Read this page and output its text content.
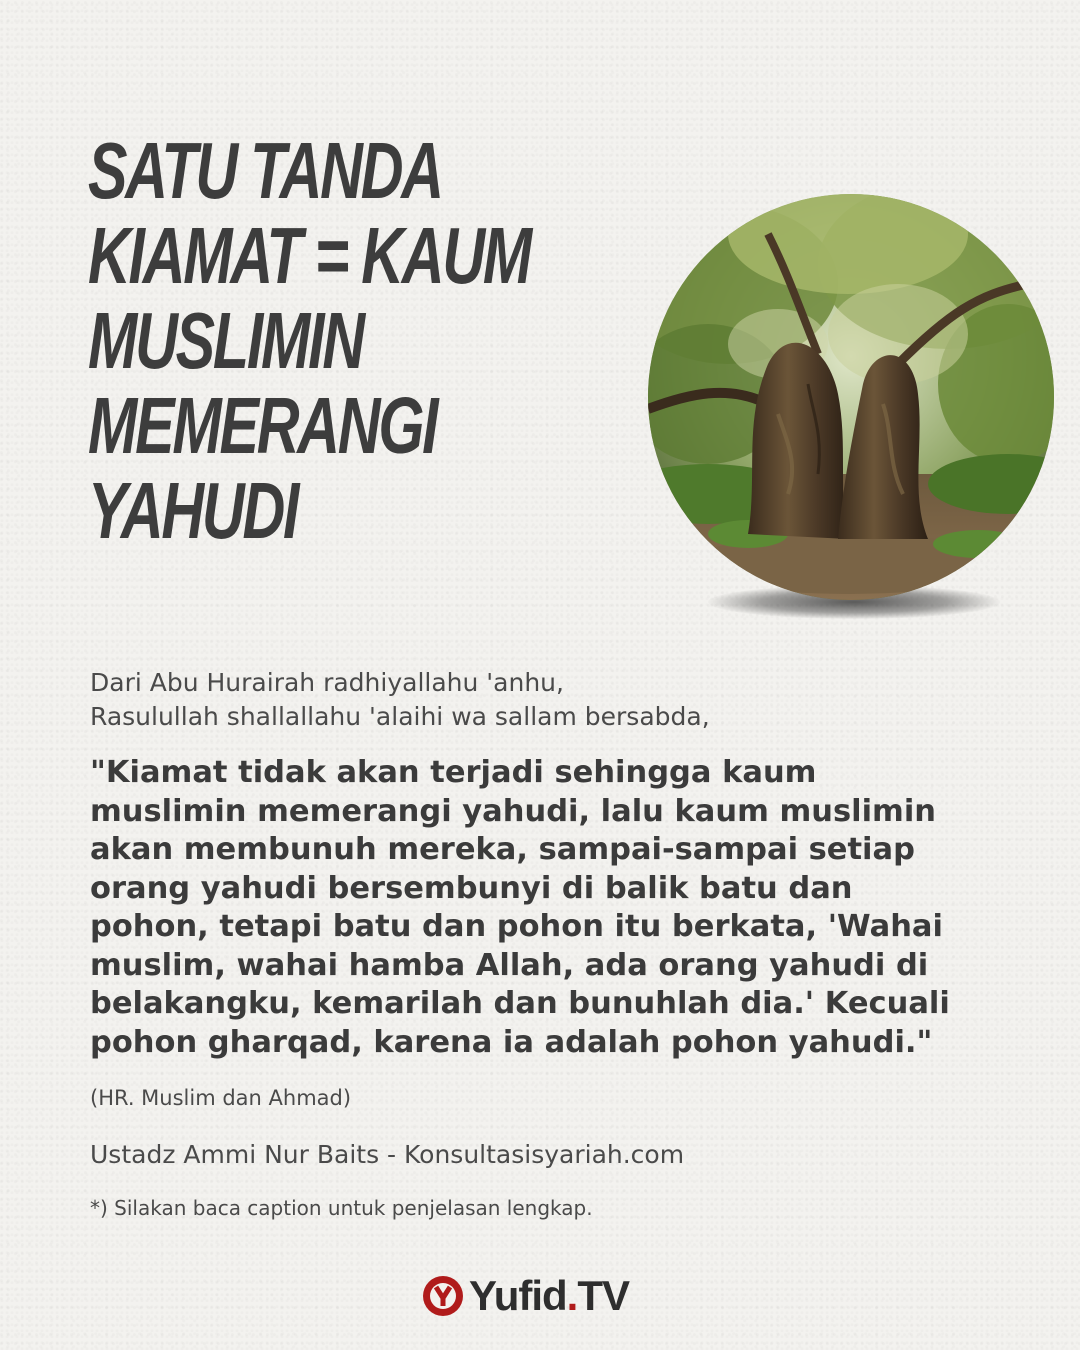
SATU TANDA
KIAMAT = KAUM
MUSLIMIN
MEMERANGI
YAHUDI
Dari Abu Hurairah radhiyallahu 'anhu,
Rasulullah shallallahu 'alaihi wa sallam bersabda,

"Kiamat tidak akan terjadi sehingga kaum
muslimin memerangi yahudi, lalu kaum muslimin
akan membunuh mereka, sampai-sampai setiap
orang yahudi bersembunyi di balik batu dan
pohon, tetapi batu dan pohon itu berkata, 'Wahai
muslim, wahai hamba Allah, ada orang yahudi di
belakangku, kemarilah dan bunuhlah dia.' Kecuali
pohon gharqad, karena ia adalah pohon yahudi."

(HR. Muslim dan Ahmad)
Ustadz Ammi Nur Baits - Konsultasisyariah.com
*) Silakan baca caption untuk penjelasan lengkap.
Yufid.TV
